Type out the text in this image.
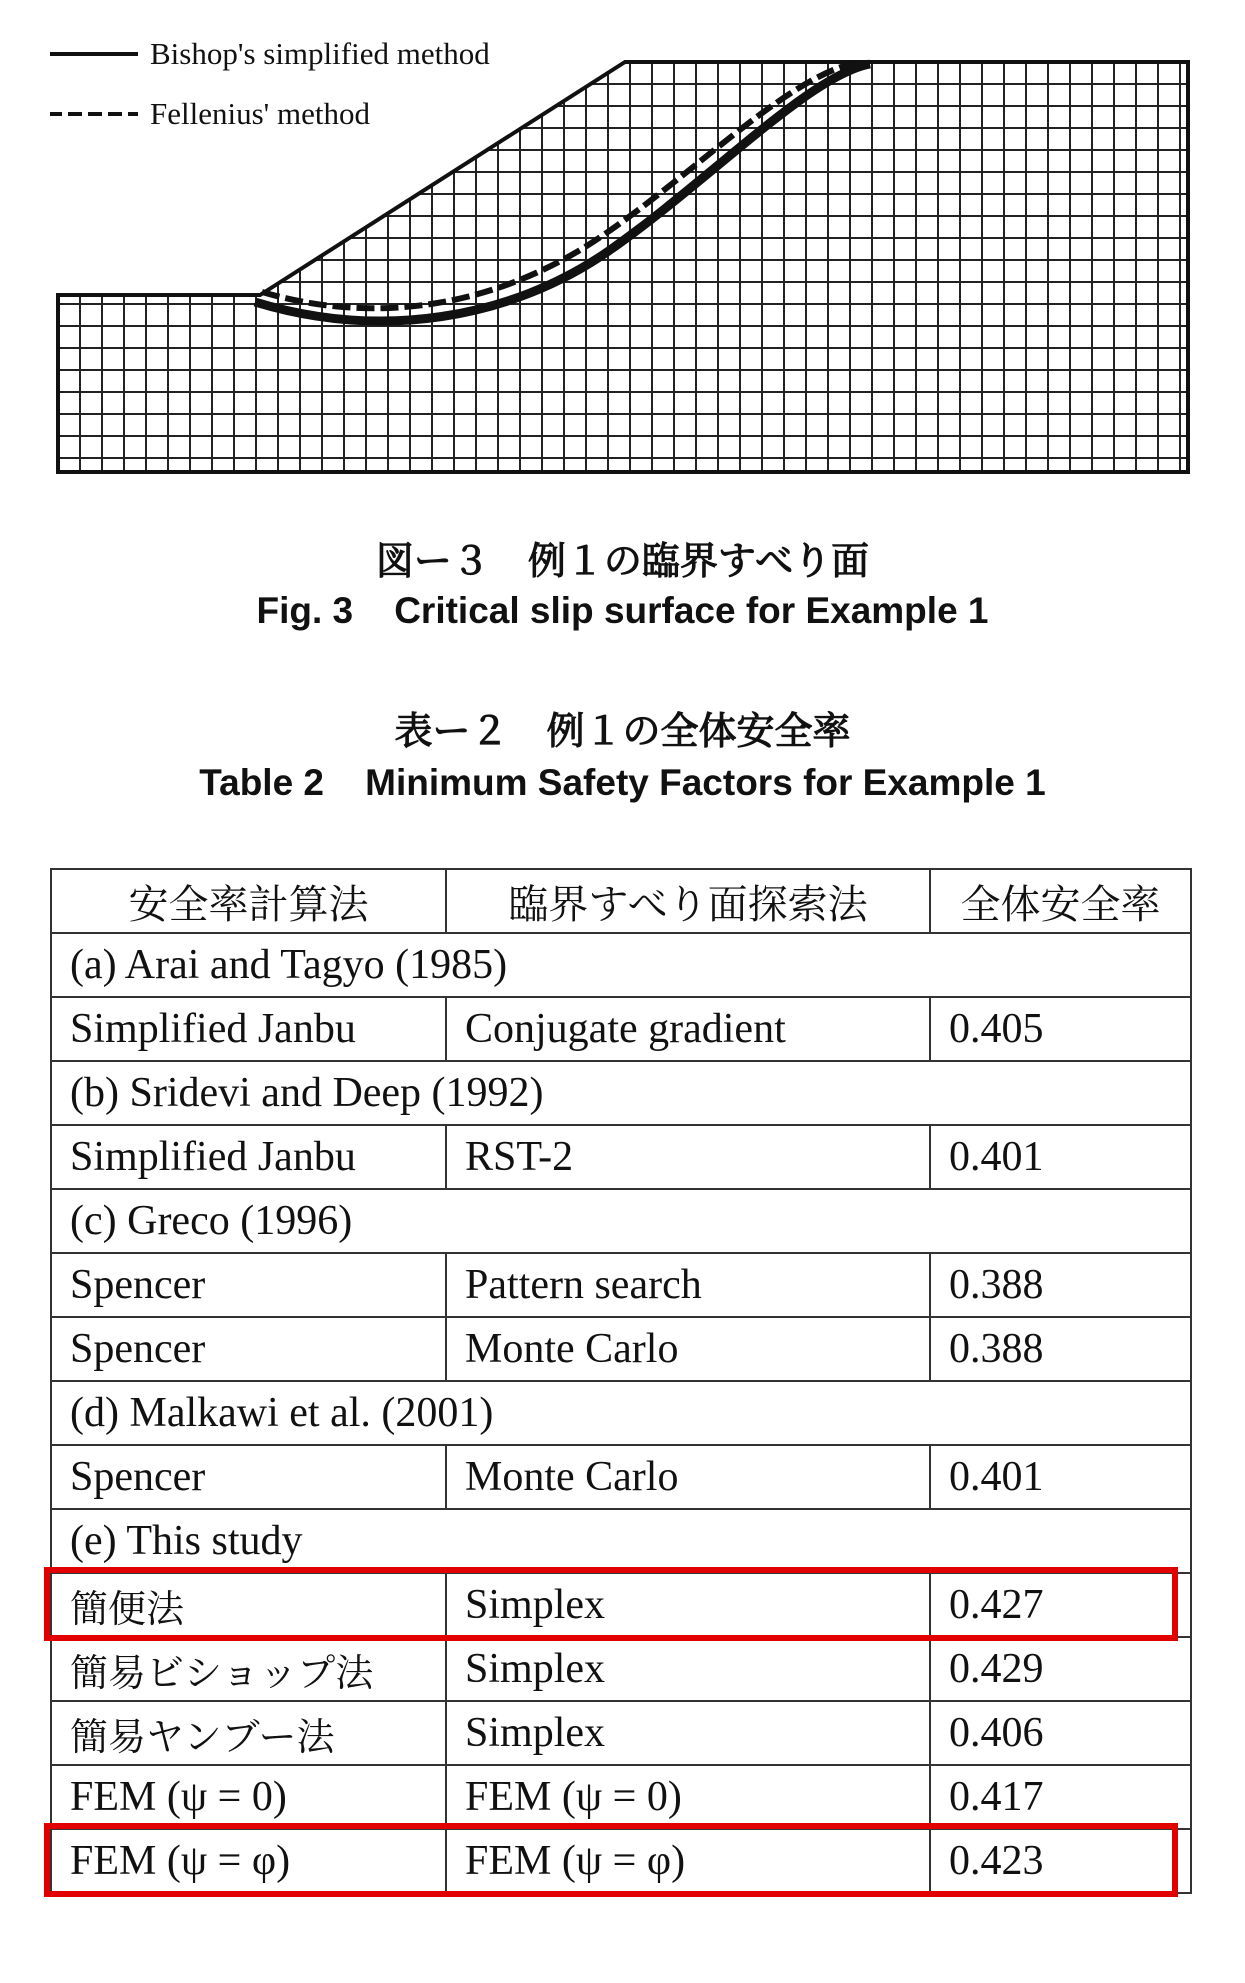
Bishop's simplified method
Fellenius' method
図ー３　例１の臨界すべり面
Fig. 3    Critical slip surface for Example 1
表ー２　例１の全体安全率
Table 2    Minimum Safety Factors for Example 1
安全率計算法	臨界すべり面探索法	全体安全率
(a) Arai and Tagyo (1985)		
Simplified Janbu	Conjugate gradient	0.405
(b) Sridevi and Deep (1992)		
Simplified Janbu	RST-2	0.401
(c) Greco (1996)		
Spencer	Pattern search	0.388
Spencer	Monte Carlo	0.388
(d) Malkawi et al. (2001)		
Spencer	Monte Carlo	0.401
(e) This study		
簡便法	Simplex	0.427
簡易ビショップ法	Simplex	0.429
簡易ヤンブー法	Simplex	0.406
FEM (ψ = 0)	FEM (ψ = 0)	0.417
FEM (ψ = φ)	FEM (ψ = φ)	0.423
